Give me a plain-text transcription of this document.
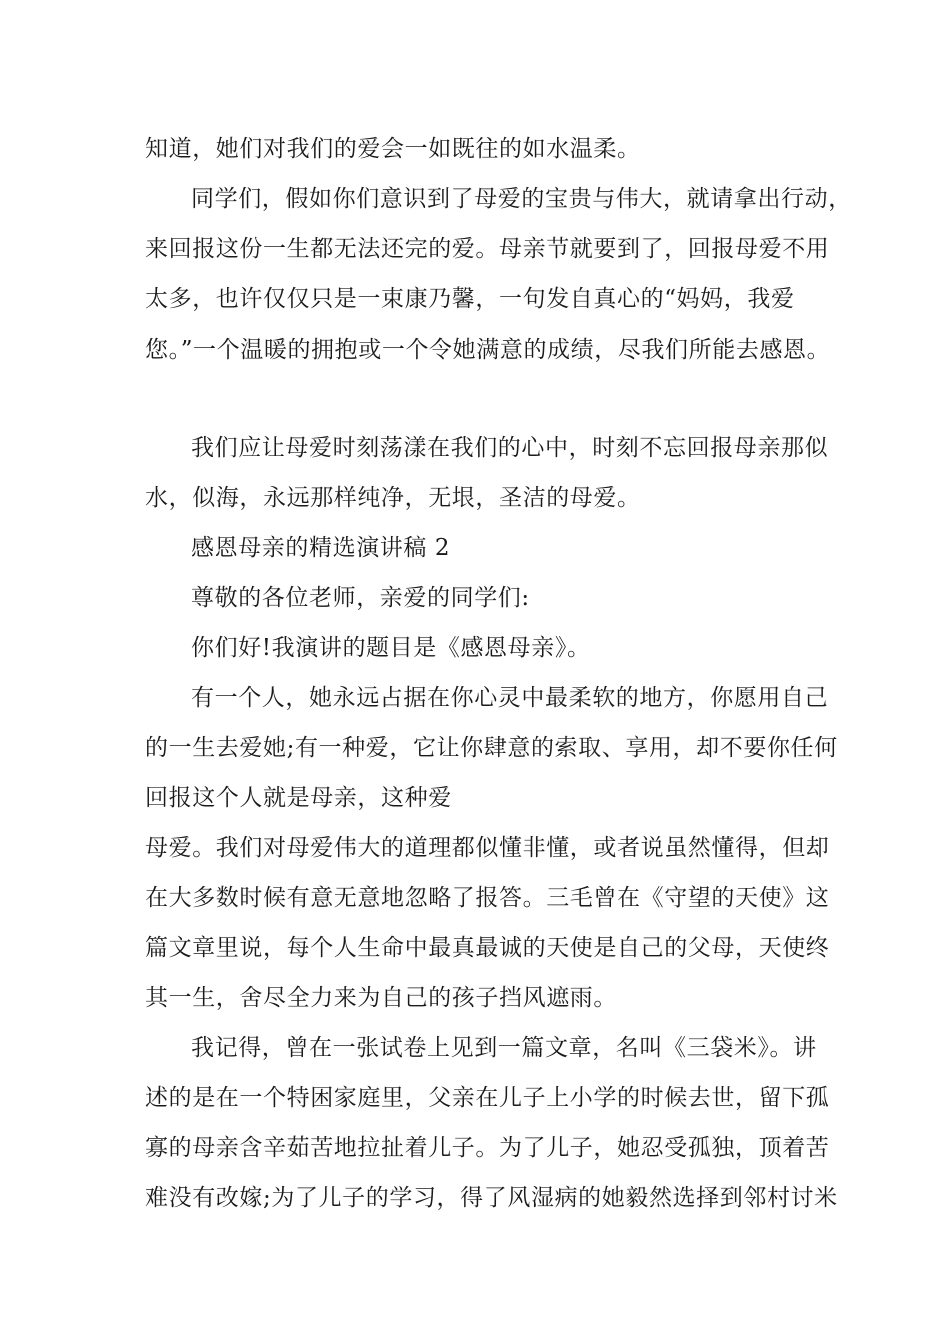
知道，她们对我们的爱会一如既往的如水温柔。
同学们，假如你们意识到了母爱的宝贵与伟大，就请拿出行动，
来回报这份一生都无法还完的爱。母亲节就要到了，回报母爱不用
太多，也许仅仅只是一束康乃馨，一句发自真心的“妈妈，我爱
您。”一个温暖的拥抱或一个令她满意的成绩，尽我们所能去感恩。
我们应让母爱时刻荡漾在我们的心中，时刻不忘回报母亲那似
水，似海，永远那样纯净，无垠，圣洁的母爱。
感恩母亲的精选演讲稿 2
尊敬的各位老师，亲爱的同学们:
你们好!我演讲的题目是《感恩母亲》。
有一个人，她永远占据在你心灵中最柔软的地方，你愿用自己
的一生去爱她;有一种爱，它让你肆意的索取、享用，却不要你任何
回报这个人就是母亲，这种爱
母爱。我们对母爱伟大的道理都似懂非懂，或者说虽然懂得，但却
在大多数时候有意无意地忽略了报答。三毛曾在《守望的天使》这
篇文章里说，每个人生命中最真最诚的天使是自己的父母，天使终
其一生，舍尽全力来为自己的孩子挡风遮雨。
我记得，曾在一张试卷上见到一篇文章，名叫《三袋米》。讲
述的是在一个特困家庭里，父亲在儿子上小学的时候去世，留下孤
寡的母亲含辛茹苦地拉扯着儿子。为了儿子，她忍受孤独，顶着苦
难没有改嫁;为了儿子的学习，得了风湿病的她毅然选择到邻村讨米
